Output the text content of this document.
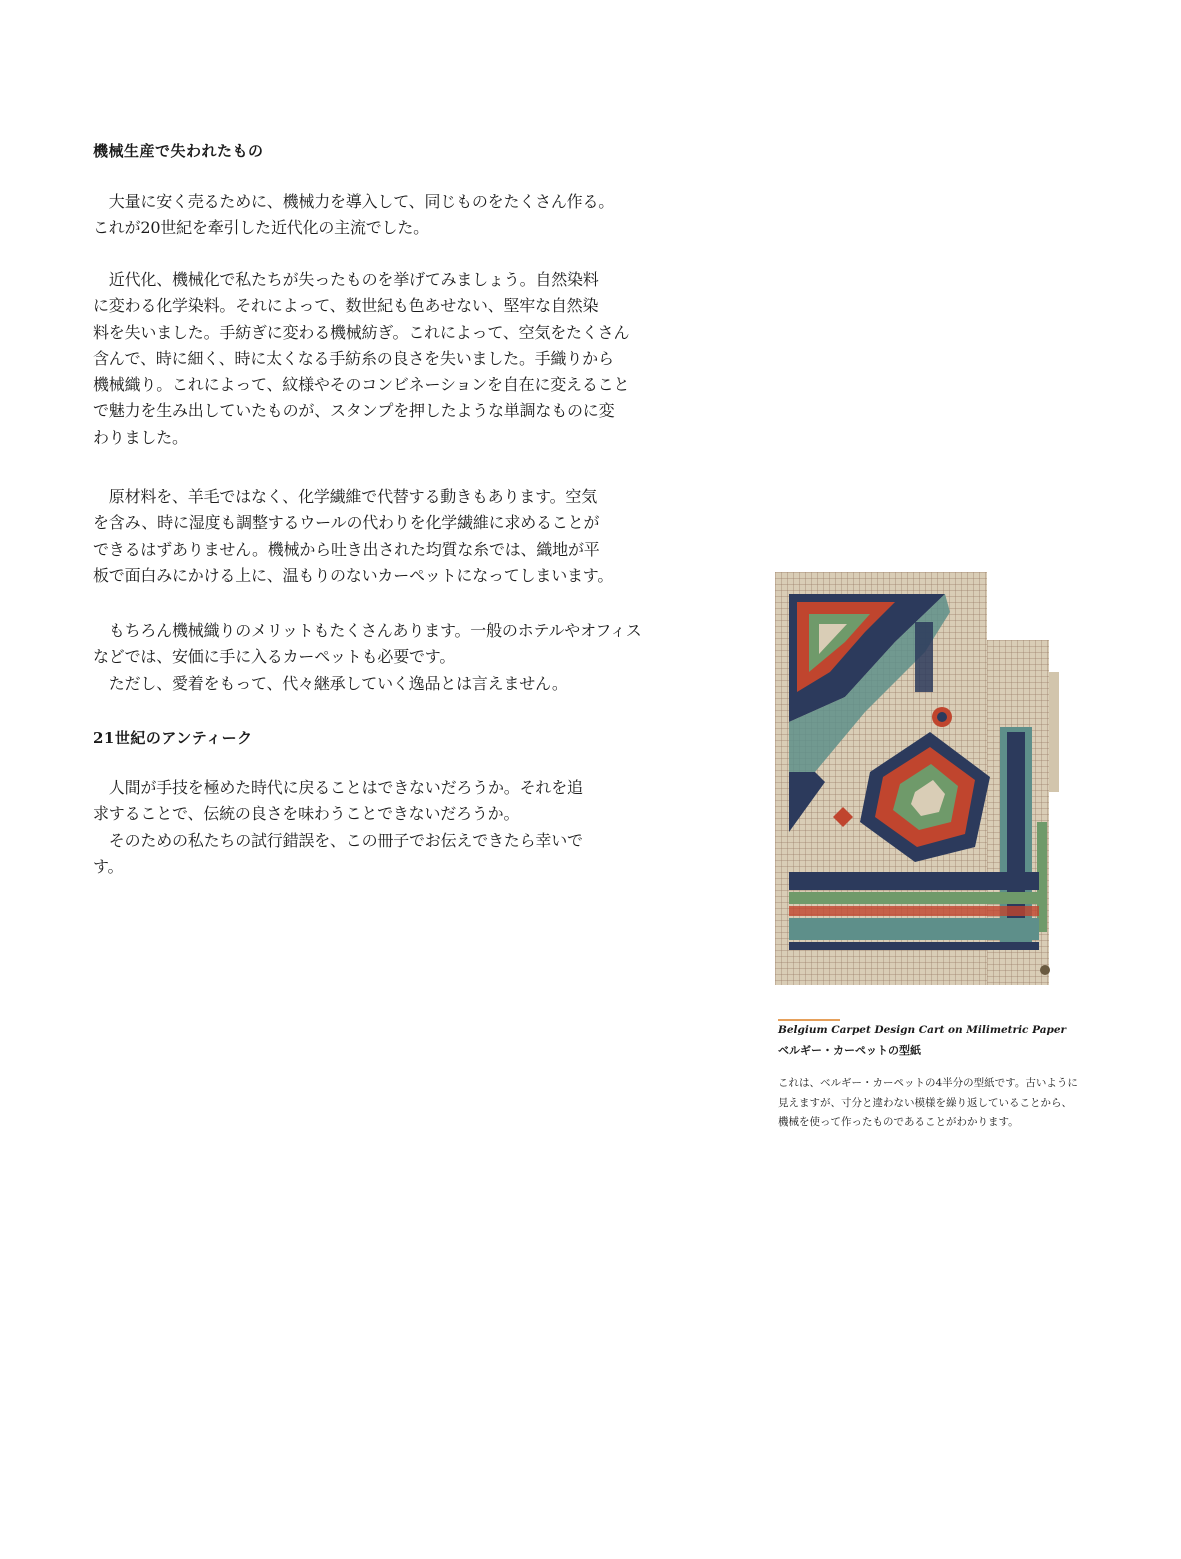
機械生産で失われたもの

　大量に安く売るために、機械力を導入して、同じものをたくさん作る。
これが20世紀を牽引した近代化の主流でした。

　近代化、機械化で私たちが失ったものを挙げてみましょう。自然染料
に変わる化学染料。それによって、数世紀も色あせない、堅牢な自然染
料を失いました。手紡ぎに変わる機械紡ぎ。これによって、空気をたくさん
含んで、時に細く、時に太くなる手紡糸の良さを失いました。手織りから
機械織り。これによって、紋様やそのコンビネーションを自在に変えること
で魅力を生み出していたものが、スタンプを押したような単調なものに変
わりました。

　原材料を、羊毛ではなく、化学繊維で代替する動きもあります。空気
を含み、時に湿度も調整するウールの代わりを化学繊維に求めることが
できるはずありません。機械から吐き出された均質な糸では、織地が平
板で面白みにかける上に、温もりのないカーペットになってしまいます。

　もちろん機械織りのメリットもたくさんあります。一般のホテルやオフィス
などでは、安価に手に入るカーペットも必要です。
　ただし、愛着をもって、代々継承していく逸品とは言えません。

21世紀のアンティーク

　人間が手技を極めた時代に戻ることはできないだろうか。それを追
求することで、伝統の良さを味わうことできないだろうか。
　そのための私たちの試行錯誤を、この冊子でお伝えできたら幸いで
す。

Belgium Carpet Design Cart on Milimetric Paper
ベルギー・カーペットの型紙
これは、ベルギー・カーペットの4半分の型紙です。古いように
見えますが、寸分と違わない模様を繰り返していることから、
機械を使って作ったものであることがわかります。
